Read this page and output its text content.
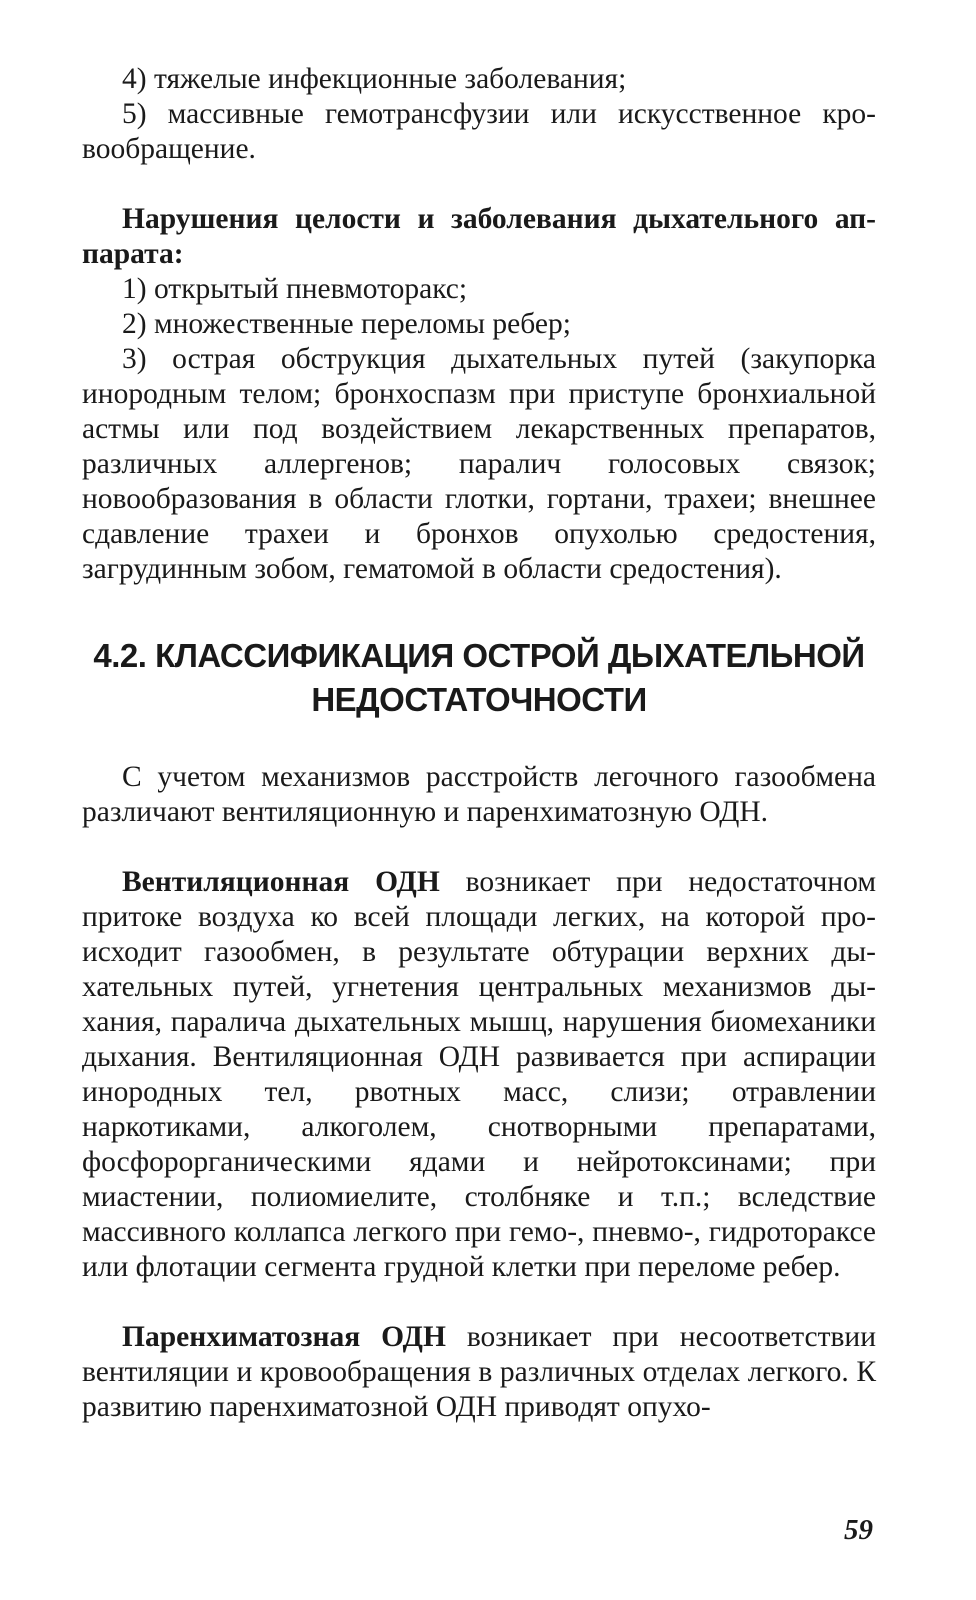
4) тяжелые инфекционные заболевания;

5) массивные гемотрансфузии или искусственное кровообращение.

Нарушения целости и заболевания дыхательного аппарата:

1) открытый пневмоторакс;

2) множественные переломы ребер;

3) острая обструкция дыхательных путей (закупорка инородным телом; бронхоспазм при приступе бронхиальной астмы или под воздействием лекарственных препаратов, различных аллергенов; паралич голосовых связок; новообразования в области глотки, гортани, трахеи; внешнее сдавление трахеи и бронхов опухолью средостения, загрудинным зобом, гематомой в области средостения).

4.2. КЛАССИФИКАЦИЯ ОСТРОЙ ДЫХАТЕЛЬНОЙ
НЕДОСТАТОЧНОСТИ

С учетом механизмов расстройств легочного газообмена различают вентиляционную и паренхиматозную ОДН.

Вентиляционная ОДН возникает при недостаточном притоке воздуха ко всей площади легких, на которой происходит газообмен, в результате обтурации верхних дыхательных путей, угнетения центральных механизмов дыхания, паралича дыхательных мышц, нарушения биомеханики дыхания. Вентиляционная ОДН развивается при аспирации инородных тел, рвотных масс, слизи; отравлении наркотиками, алкоголем, снотворными препаратами, фосфорорганическими ядами и нейротоксинами; при миастении, полиомиелите, столбняке и т.п.; вследствие массивного коллапса легкого при гемо-, пневмо-, гидротораксе или флотации сегмента грудной клетки при переломе ребер.

Паренхиматозная ОДН возникает при несоответствии вентиляции и кровообращения в различных отделах легкого. К развитию паренхиматозной ОДН приводят опухо-

59
